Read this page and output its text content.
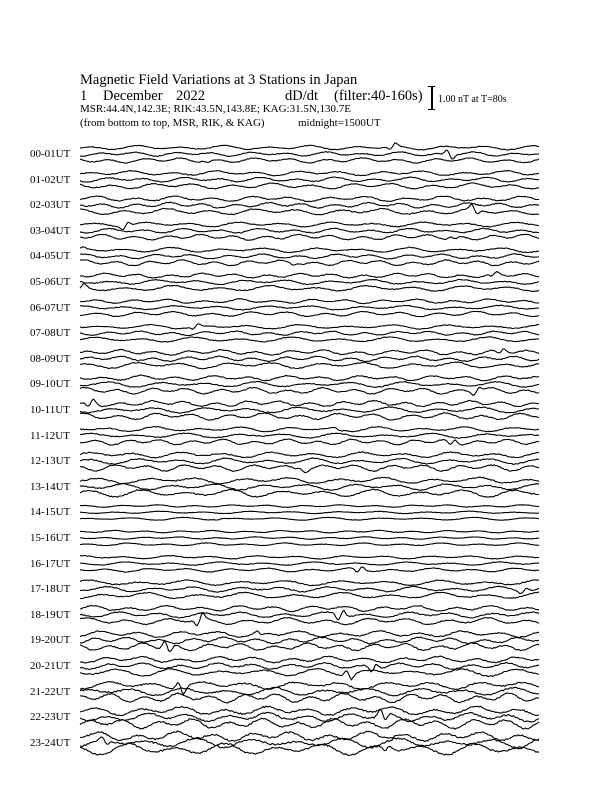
Magnetic Field Variations at 3 Stations in Japan
1 December 2022	dD/dt (filter:40-160s)
MSR:44.4N,142.3E; RIK:43.5N,143.8E; KAG:31.5N,130.7E
(from bottom to top, MSR, RIK, & KAG)	midnight=1500UT
1.00 nT at T=80s
00-01UT
01-02UT
02-03UT
03-04UT
04-05UT
05-06UT
06-07UT
07-08UT
08-09UT
09-10UT
10-11UT
11-12UT
12-13UT
13-14UT
14-15UT
15-16UT
16-17UT
17-18UT
18-19UT
19-20UT
20-21UT
21-22UT
22-23UT
23-24UT
